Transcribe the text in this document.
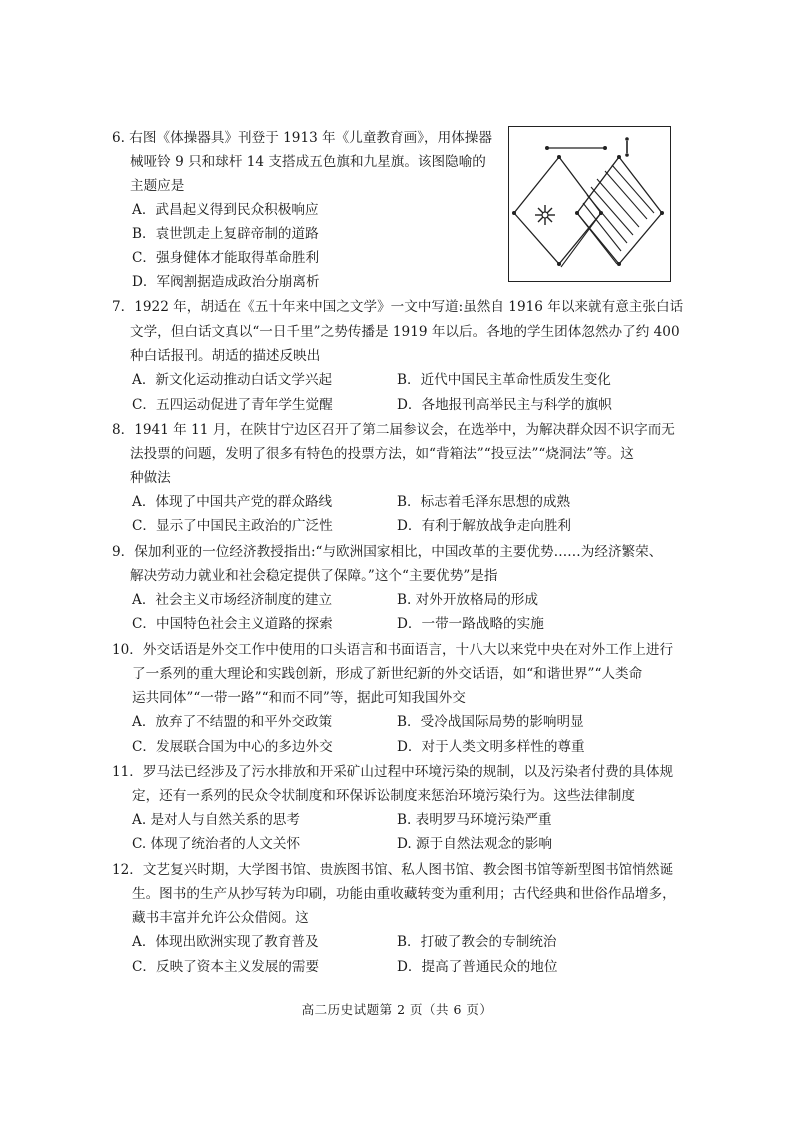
6. 右图《体操器具》刊登于 1913 年《儿童教育画》，用体操器
械哑铃 9 只和球杆 14 支搭成五色旗和九星旗。该图隐喻的
主题应是
A．武昌起义得到民众积极响应
B．袁世凯走上复辟帝制的道路
C．强身健体才能取得革命胜利
D．军阀割据造成政治分崩离析
7．1922 年，胡适在《五十年来中国之文学》一文中写道:虽然自 1916 年以来就有意主张白话
文学，但白话文真以“一日千里”之势传播是 1919 年以后。各地的学生团体忽然办了约 400
种白话报刊。胡适的描述反映出
A．新文化运动推动白话文学兴起	B．近代中国民主革命性质发生变化
C．五四运动促进了青年学生觉醒	D．各地报刊高举民主与科学的旗帜
8．1941 年 11 月，在陕甘宁边区召开了第二届参议会，在选举中，为解决群众因不识字而无
法投票的问题，发明了很多有特色的投票方法，如“背箱法”“投豆法”“烧洞法”等。这
种做法
A．体现了中国共产党的群众路线	B．标志着毛泽东思想的成熟
C．显示了中国民主政治的广泛性	D．有利于解放战争走向胜利
9．保加利亚的一位经济教授指出:“与欧洲国家相比，中国改革的主要优势……为经济繁荣、
解决劳动力就业和社会稳定提供了保障。”这个“主要优势”是指
A．社会主义市场经济制度的建立	B. 对外开放格局的形成
C．中国特色社会主义道路的探索	D．一带一路战略的实施
10．外交话语是外交工作中使用的口头语言和书面语言，十八大以来党中央在对外工作上进行
了一系列的重大理论和实践创新，形成了新世纪新的外交话语，如“和谐世界”“人类命
运共同体”“一带一路”“和而不同”等，据此可知我国外交
A．放弃了不结盟的和平外交政策	B．受冷战国际局势的影响明显
C．发展联合国为中心的多边外交	D．对于人类文明多样性的尊重
11．罗马法已经涉及了污水排放和开采矿山过程中环境污染的规制，以及污染者付费的具体规
定，还有一系列的民众令状制度和环保诉讼制度来惩治环境污染行为。这些法律制度
A. 是对人与自然关系的思考	B. 表明罗马环境污染严重
C. 体现了统治者的人文关怀	D. 源于自然法观念的影响
12．文艺复兴时期，大学图书馆、贵族图书馆、私人图书馆、教会图书馆等新型图书馆悄然诞
生。图书的生产从抄写转为印刷，功能由重收藏转变为重利用；古代经典和世俗作品增多，
藏书丰富并允许公众借阅。这
A．体现出欧洲实现了教育普及	B．打破了教会的专制统治
C．反映了资本主义发展的需要	D．提高了普通民众的地位
高二历史试题第 2 页（共 6 页）
